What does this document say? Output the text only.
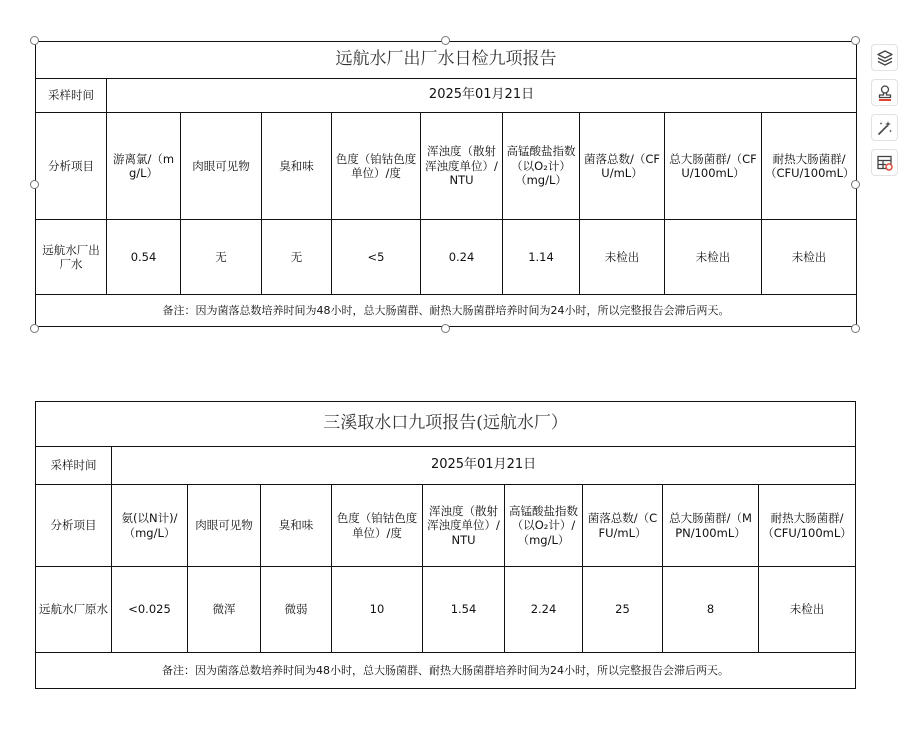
远航水厂出厂水日检九项报告									
采样时间	2025年01月21日								
分析项目	游离氯/（mg/L）	肉眼可见物	臭和味	色度（铂钴色度单位）/度	浑浊度（散射浑浊度单位）/NTU	高锰酸盐指数（以O₂计）（mg/L）	菌落总数/（CFU/mL）	总大肠菌群/（CFU/100mL）	耐热大肠菌群/（CFU/100mL）
远航水厂出厂水	0.54	无	无	<5	0.24	1.14	未检出	未检出	未检出
备注：因为菌落总数培养时间为48小时，总大肠菌群、耐热大肠菌群培养时间为24小时，所以完整报告会滞后两天。									
三溪取水口九项报告(远航水厂）									
采样时间	2025年01月21日								
分析项目	氨(以N计)/（mg/L）	肉眼可见物	臭和味	色度（铂钴色度单位）/度	浑浊度（散射浑浊度单位）/NTU	高锰酸盐指数（以O₂计）/（mg/L）	菌落总数/（CFU/mL）	总大肠菌群/（MPN/100mL）	耐热大肠菌群/（CFU/100mL）
远航水厂原水	<0.025	微浑	微弱	10	1.54	2.24	25	8	未检出
备注：因为菌落总数培养时间为48小时，总大肠菌群、耐热大肠菌群培养时间为24小时，所以完整报告会滞后两天。									
